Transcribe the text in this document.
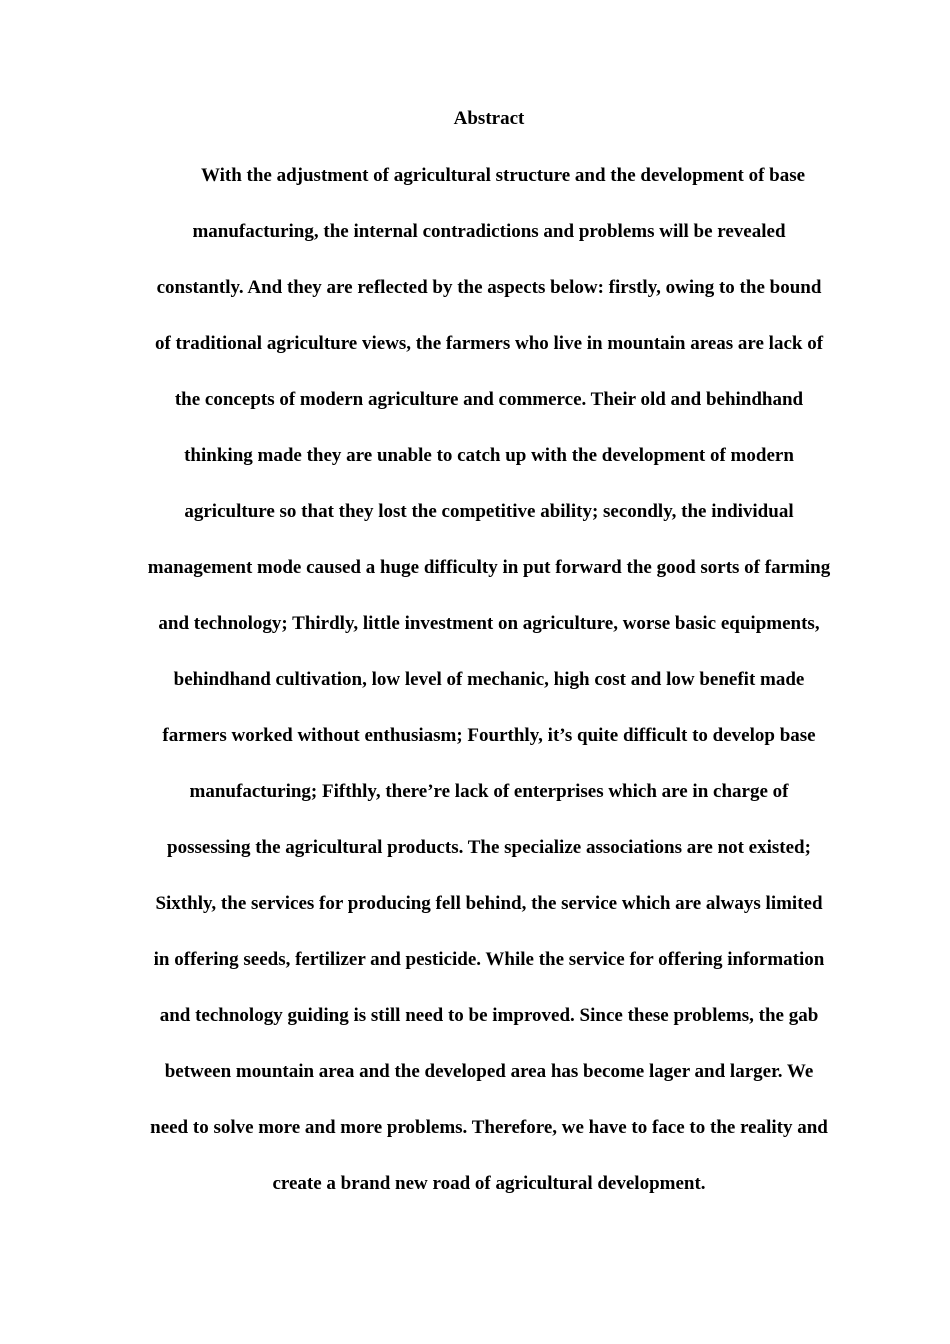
Abstract
With the adjustment of agricultural structure and the development of base
manufacturing, the internal contradictions and problems will be revealed
constantly. And they are reflected by the aspects below: firstly, owing to the bound
of traditional agriculture views, the farmers who live in mountain areas are lack of
the concepts of modern agriculture and commerce. Their old and behindhand
thinking made they are unable to catch up with the development of modern
agriculture so that they lost the competitive ability; secondly, the individual
management mode caused a huge difficulty in put forward the good sorts of farming
and technology; Thirdly, little investment on agriculture, worse basic equipments,
behindhand cultivation, low level of mechanic, high cost and low benefit made
farmers worked without enthusiasm; Fourthly, it’s quite difficult to develop base
manufacturing; Fifthly, there’re lack of enterprises which are in charge of
possessing the agricultural products. The specialize associations are not existed;
Sixthly, the services for producing fell behind, the service which are always limited
in offering seeds, fertilizer and pesticide. While the service for offering information
and technology guiding is still need to be improved. Since these problems, the gab
between mountain area and the developed area has become lager and larger. We
need to solve more and more problems. Therefore, we have to face to the reality and
create a brand new road of agricultural development.
